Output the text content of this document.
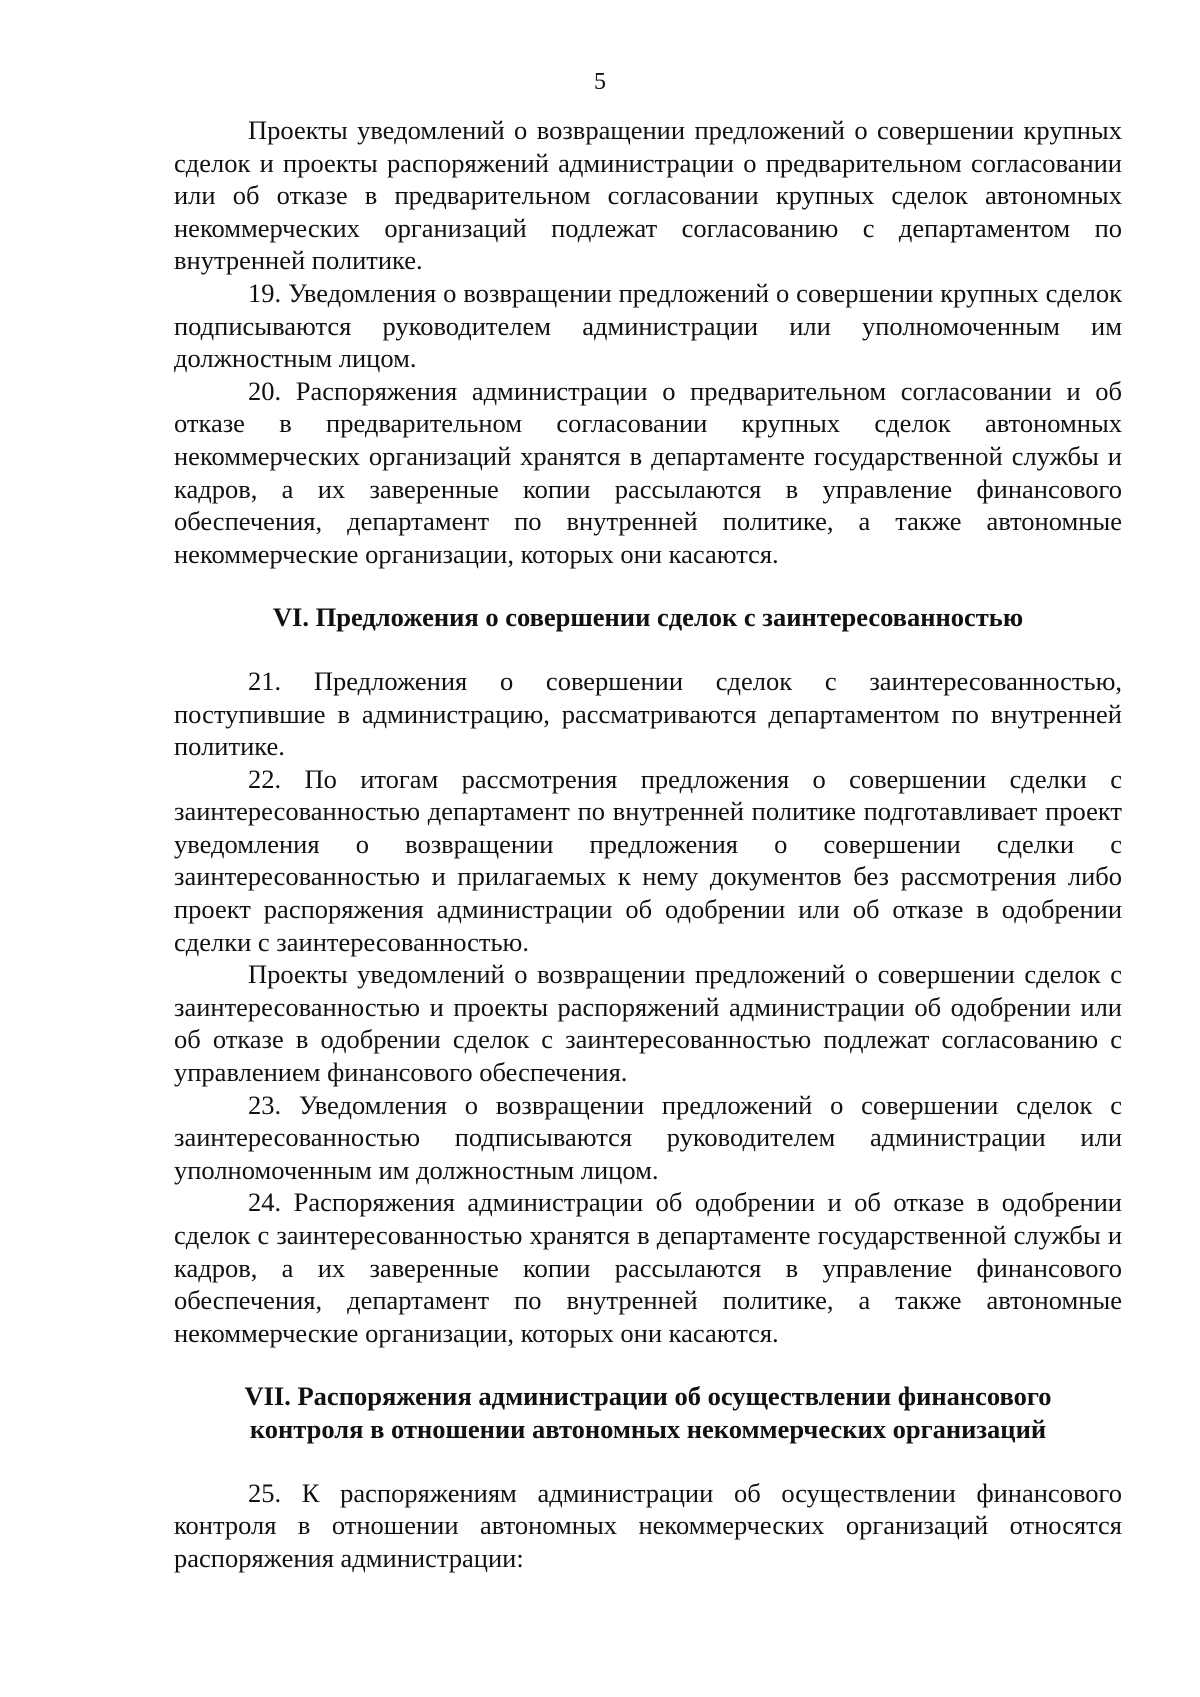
5

Проекты уведомлений о возвращении предложений о совершении крупных сделок и проекты распоряжений администрации о предварительном согласовании или об отказе в предварительном согласовании крупных сделок автономных некоммерческих организаций подлежат согласованию с департаментом по внутренней политике.

19. Уведомления о возвращении предложений о совершении крупных сделок подписываются руководителем администрации или уполномоченным им должностным лицом.

20. Распоряжения администрации о предварительном согласовании и об отказе в предварительном согласовании крупных сделок автономных некоммерческих организаций хранятся в департаменте государственной службы и кадров, а их заверенные копии рассылаются в управление финансового обеспечения, департамент по внутренней политике, а также автономные некоммерческие организации, которых они касаются.

VI. Предложения о совершении сделок с заинтересованностью

21. Предложения о совершении сделок с заинтересованностью, поступившие в администрацию, рассматриваются департаментом по внутренней политике.

22. По итогам рассмотрения предложения о совершении сделки с заинтересованностью департамент по внутренней политике подготавливает проект уведомления о возвращении предложения о совершении сделки с заинтересованностью и прилагаемых к нему документов без рассмотрения либо проект распоряжения администрации об одобрении или об отказе в одобрении сделки с заинтересованностью.

Проекты уведомлений о возвращении предложений о совершении сделок с заинтересованностью и проекты распоряжений администрации об одобрении или об отказе в одобрении сделок с заинтересованностью подлежат согласованию с управлением финансового обеспечения.

23. Уведомления о возвращении предложений о совершении сделок с заинтересованностью подписываются руководителем администрации или уполномоченным им должностным лицом.

24. Распоряжения администрации об одобрении и об отказе в одобрении сделок с заинтересованностью хранятся в департаменте государственной службы и кадров, а их заверенные копии рассылаются в управление финансового обеспечения, департамент по внутренней политике, а также автономные некоммерческие организации, которых они касаются.

VII. Распоряжения администрации об осуществлении финансового контроля в отношении автономных некоммерческих организаций

25. К распоряжениям администрации об осуществлении финансового контроля в отношении автономных некоммерческих организаций относятся распоряжения администрации:
